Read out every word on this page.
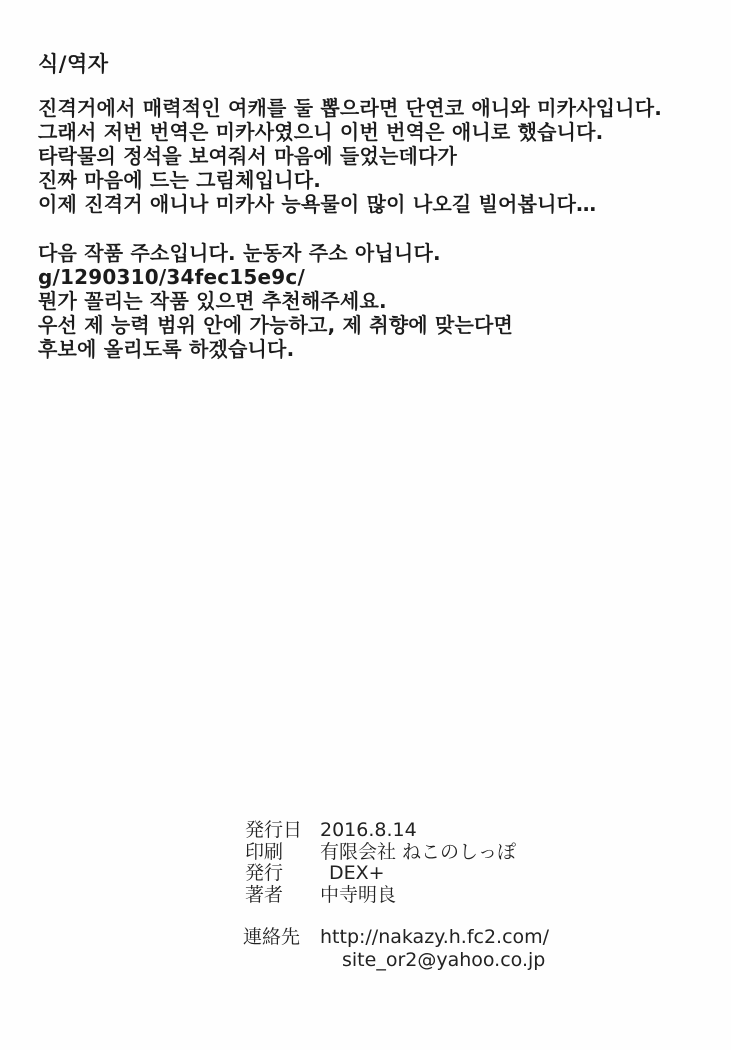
식/역자
진격거에서 매력적인 여캐를 둘 뽑으라면 단연코 애니와 미카사입니다.
그래서 저번 번역은 미카사였으니 이번 번역은 애니로 했습니다.
타락물의 정석을 보여줘서 마음에 들었는데다가
진짜 마음에 드는 그림체입니다.
이제 진격거 애니나 미카사 능욕물이 많이 나오길 빌어봅니다…
다음 작품 주소입니다. 눈동자 주소 아닙니다.
g/1290310/34fec15e9c/
뭔가 꼴리는 작품 있으면 추천해주세요.
우선 제 능력 범위 안에 가능하고, 제 취향에 맞는다면
후보에 올리도록 하겠습니다.
発行日 2016.8.14
印刷	有限会社 ねこのしっぽ
発行	DEX+
著者	中寺明良
連絡先	http://nakazy.h.fc2.com/
site_or2@yahoo.co.jp
